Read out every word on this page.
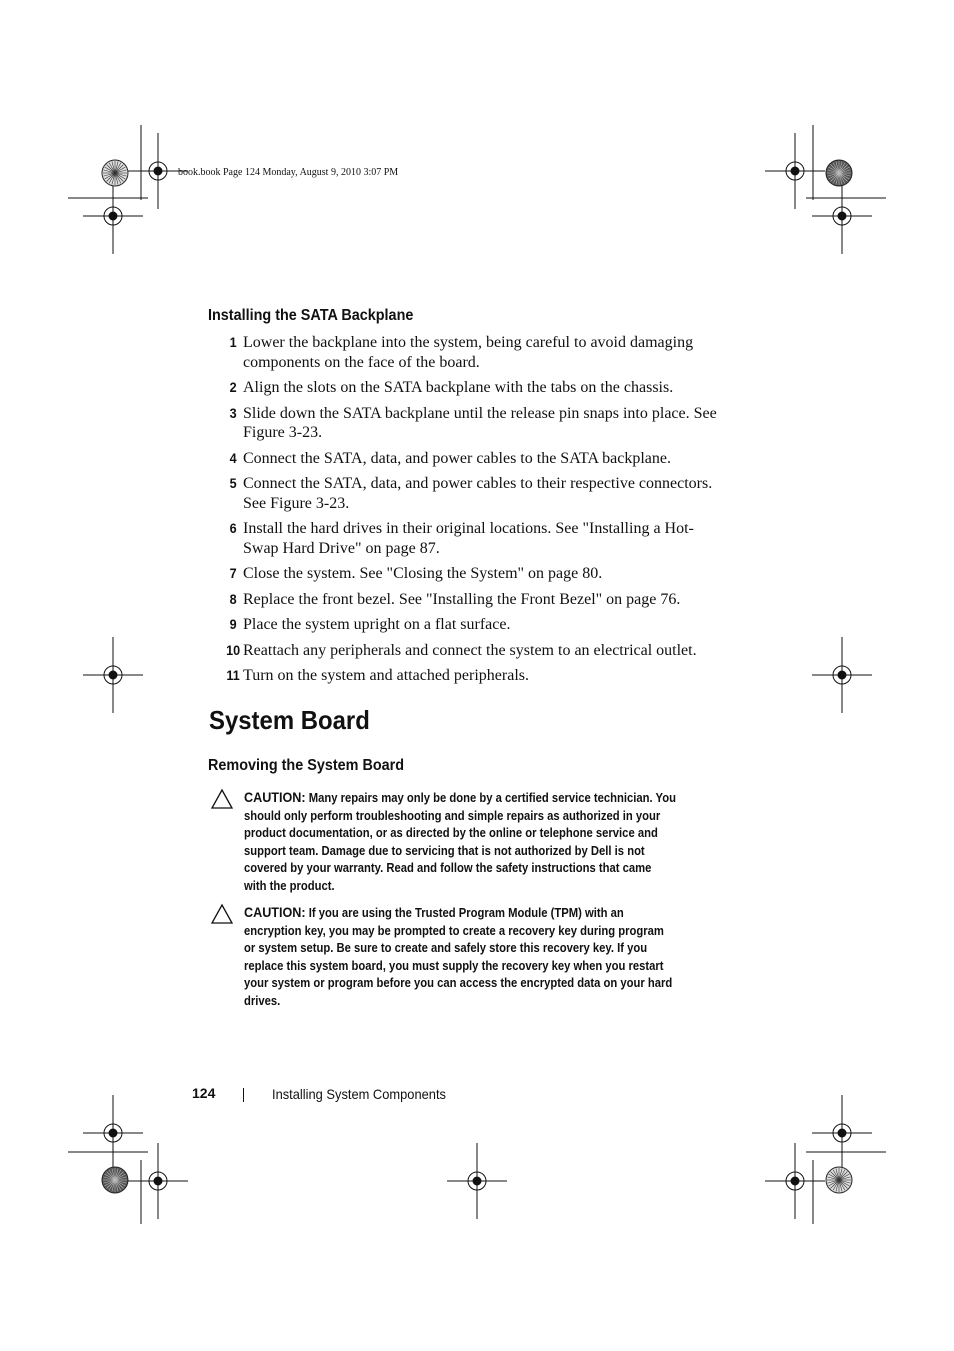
book.book Page 124 Monday, August 9, 2010 3:07 PM
Installing the SATA Backplane
1 Lower the backplane into the system, being careful to avoid damaging components on the face of the board.
2 Align the slots on the SATA backplane with the tabs on the chassis.
3 Slide down the SATA backplane until the release pin snaps into place. See Figure 3-23.
4 Connect the SATA, data, and power cables to the SATA backplane.
5 Connect the SATA, data, and power cables to their respective connectors. See Figure 3-23.
6 Install the hard drives in their original locations. See "Installing a Hot-Swap Hard Drive" on page 87.
7 Close the system. See "Closing the System" on page 80.
8 Replace the front bezel. See "Installing the Front Bezel" on page 76.
9 Place the system upright on a flat surface.
10 Reattach any peripherals and connect the system to an electrical outlet.
11 Turn on the system and attached peripherals.
System Board
Removing the System Board
CAUTION: Many repairs may only be done by a certified service technician. You should only perform troubleshooting and simple repairs as authorized in your product documentation, or as directed by the online or telephone service and support team. Damage due to servicing that is not authorized by Dell is not covered by your warranty. Read and follow the safety instructions that came with the product.
CAUTION: If you are using the Trusted Program Module (TPM) with an encryption key, you may be prompted to create a recovery key during program or system setup. Be sure to create and safely store this recovery key. If you replace this system board, you must supply the recovery key when you restart your system or program before you can access the encrypted data on your hard drives.
124	Installing System Components
